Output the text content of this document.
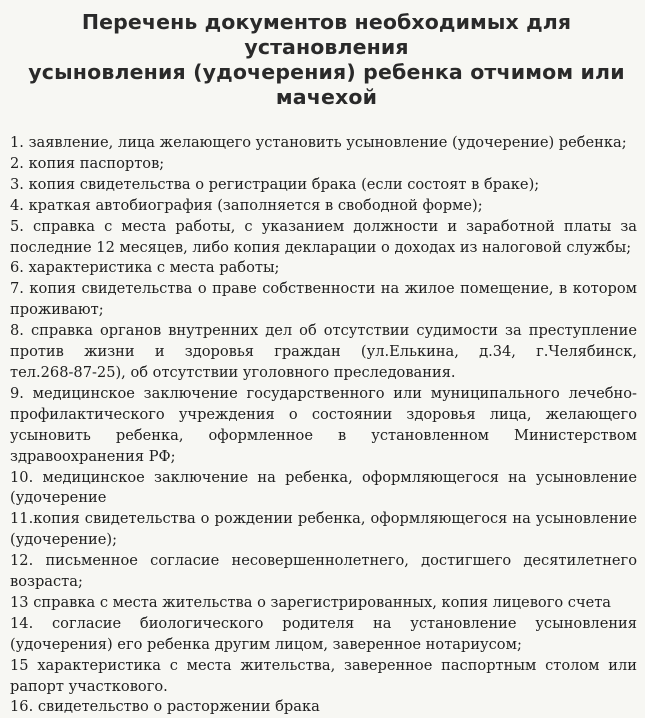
Перечень документов необходимых для установления
усыновления (удочерения) ребенка отчимом или мачехой
1. заявление, лица желающего установить усыновление (удочерение) ребенка;
2. копия паспортов;
3. копия свидетельства о регистрации брака (если состоят в браке);
4. краткая автобиография (заполняется в свободной форме);
5. справка с места работы, с указанием должности и заработной платы за
последние 12 месяцев, либо копия декларации о доходах из налоговой службы;
6. характеристика с места работы;
7. копия свидетельства о праве собственности на жилое помещение, в котором
проживают;
8. справка органов внутренних дел об отсутствии судимости за преступление
против жизни и здоровья граждан (ул.Елькина, д.34, г.Челябинск,
тел.268-87-25), об отсутствии уголовного преследования.
9. медицинское заключение государственного или муниципального лечебно-
профилактического учреждения о состоянии здоровья лица, желающего
усыновить ребенка, оформленное в установленном Министерством
здравоохранения РФ;
10. медицинское заключение на ребенка, оформляющегося на усыновление
(удочерение
11.копия свидетельства о рождении ребенка, оформляющегося на усыновление
(удочерение);
12. письменное согласие несовершеннолетнего, достигшего десятилетнего
возраста;
13 справка с места жительства о зарегистрированных, копия лицевого счета
14. согласие биологического родителя на установление усыновления
(удочерения) его ребенка другим лицом, заверенное нотариусом;
15 характеристика с места жительства, заверенное паспортным столом или
рапорт участкового.
16. свидетельство о расторжении брака
